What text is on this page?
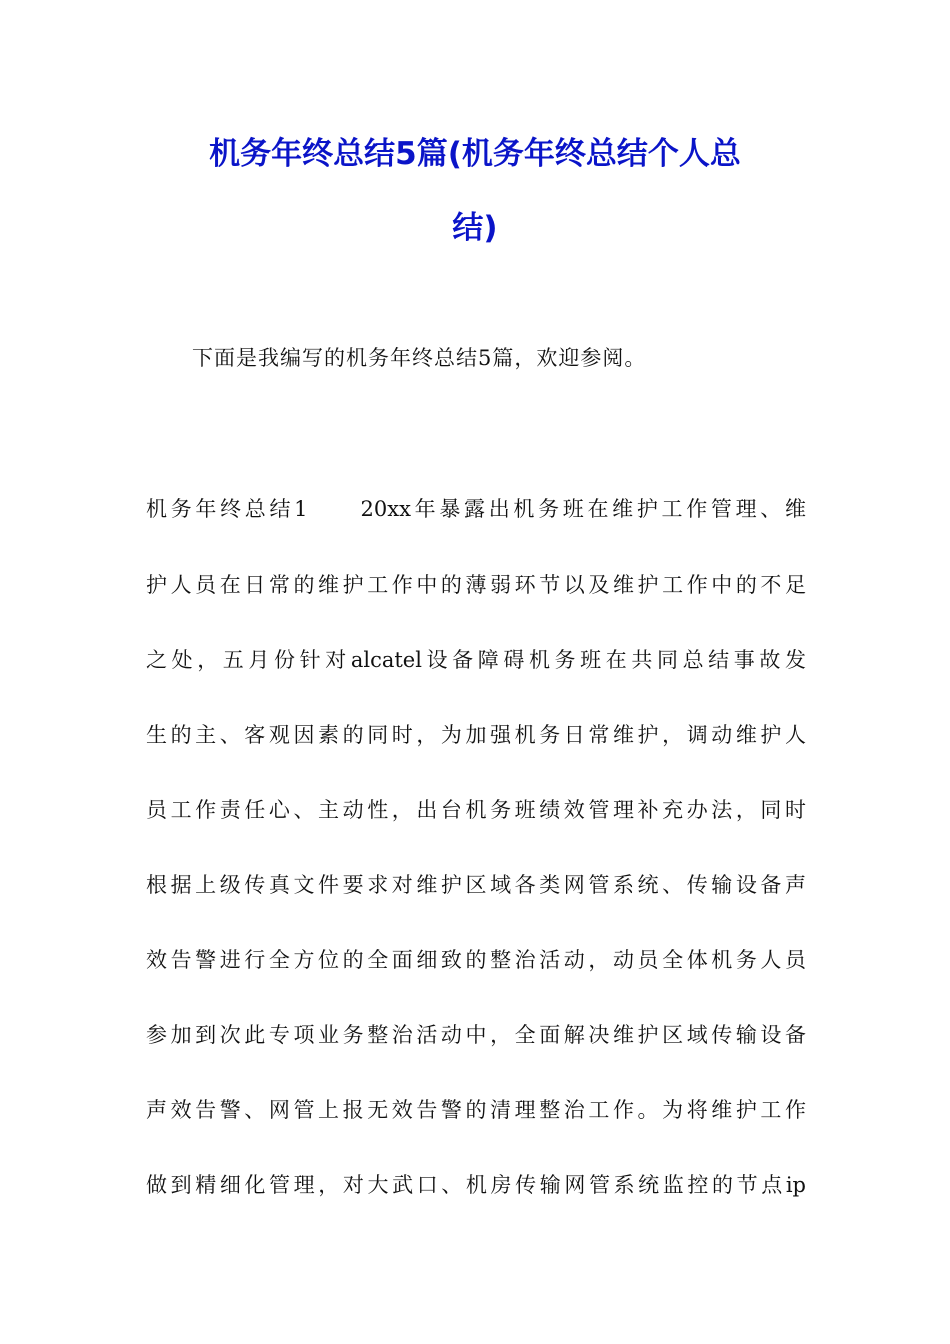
机务年终总结5篇(机务年终总结个人总
结)

下面是我编写的机务年终总结5篇，欢迎参阅。

机务年终总结1　　20xx年暴露出机务班在维护工作管理、维

护人员在日常的维护工作中的薄弱环节以及维护工作中的不足

之处，五月份针对alcatel设备障碍机务班在共同总结事故发

生的主、客观因素的同时，为加强机务日常维护，调动维护人

员工作责任心、主动性，出台机务班绩效管理补充办法，同时

根据上级传真文件要求对维护区域各类网管系统、传输设备声

效告警进行全方位的全面细致的整治活动，动员全体机务人员

参加到次此专项业务整治活动中，全面解决维护区域传输设备

声效告警、网管上报无效告警的清理整治工作。为将维护工作

做到精细化管理，对大武口、机房传输网管系统监控的节点ip
